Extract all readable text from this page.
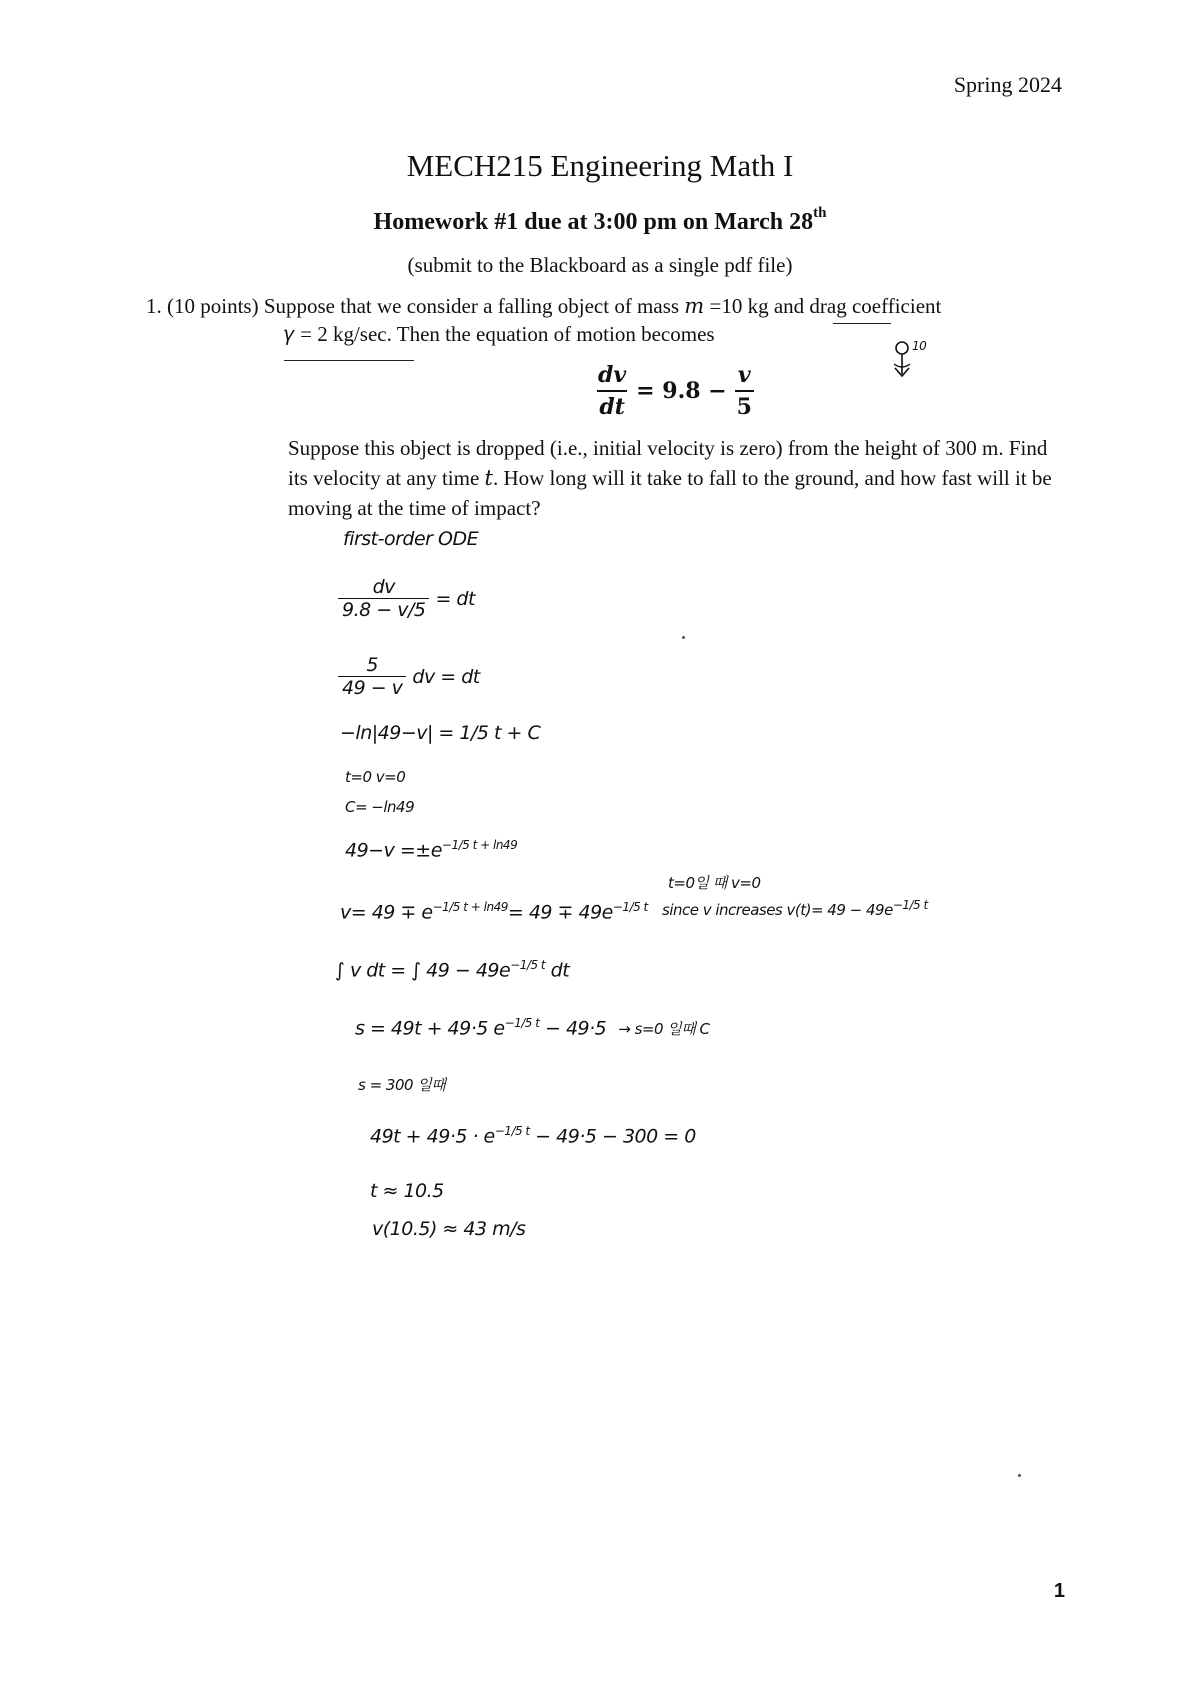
Spring 2024
MECH215 Engineering Math I
Homework #1 due at 3:00 pm on March 28th
(submit to the Blackboard as a single pdf file)
1. (10 points) Suppose that we consider a falling object of mass 𝑚 =10 kg and drag coefficient
𝛾 = 2 kg/sec. Then the equation of motion becomes
$\frac{dv}{dt} = 9.8 - \frac{v}{5}$
10
Suppose this object is dropped (i.e., initial velocity is zero) from the height of 300 m. Find its velocity at any time 𝑡. How long will it take to fall to the ground, and how fast will it be moving at the time of impact?
first-order ODE
$\frac{dv}{9.8 - v/5}$ = dt
$\frac{5}{49 - v}$ dv = dt
−ln|49−v| = 1/5 t + C
t=0 v=0
C= −ln49
$49-v =\pm e^{-1/5 t + ln49}$
$v= 49 \mp e^{-1/5 t + ln49}= 49 \mp 49e^{-1/5 t}$
t=0일 때 v=0
since v increases $v(t)= 49 - 49e^{-1/5 t}$
∫ v dt = ∫ $49 - 49e^{-1/5 t}$ dt
s = 49t + 49·5 $e^{-1/5 t} - 49\cdot 5 \to s=0$ 일때 C
s = 300 일때
$49t + 49\cdot 5 \cdot e^{-1/5 t} - 49\cdot 5 - 300 = 0$
t ≈ 10.5
v(10.5) ≈ 43 m/s
1
